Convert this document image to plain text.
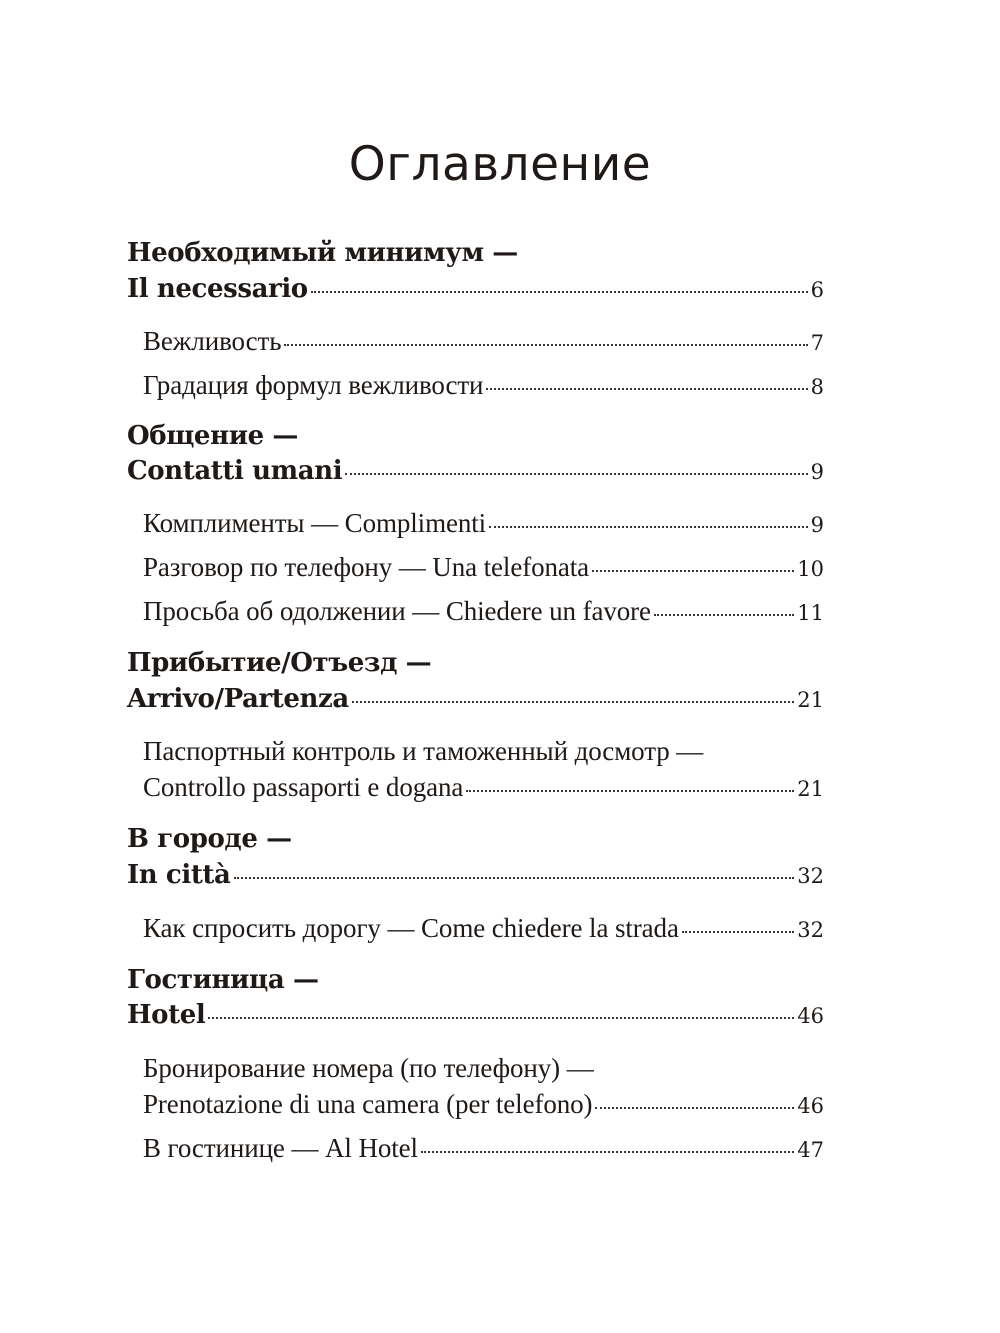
Оглавление
Необходимый минимум —
Il necessario	6
Вежливость	7
Градация формул вежливости	8
Общение —
Contatti umani	9
Комплименты — Complimenti	9
Разговор по телефону — Una telefonata	10
Просьба об одолжении — Chiedere un favore	11
Прибытие/Отъезд —
Arrivo/Partenza	21
Паспортный контроль и таможенный досмотр —
Controllo passaporti e dogana	21
В городе —
In città	32
Как спросить дорогу — Come chiedere la strada	32
Гостиница —
Hotel	46
Бронирование номера (по телефону) —
Prenotazione di una camera (per telefono)	46
В гостинице — Al Hotel	47
